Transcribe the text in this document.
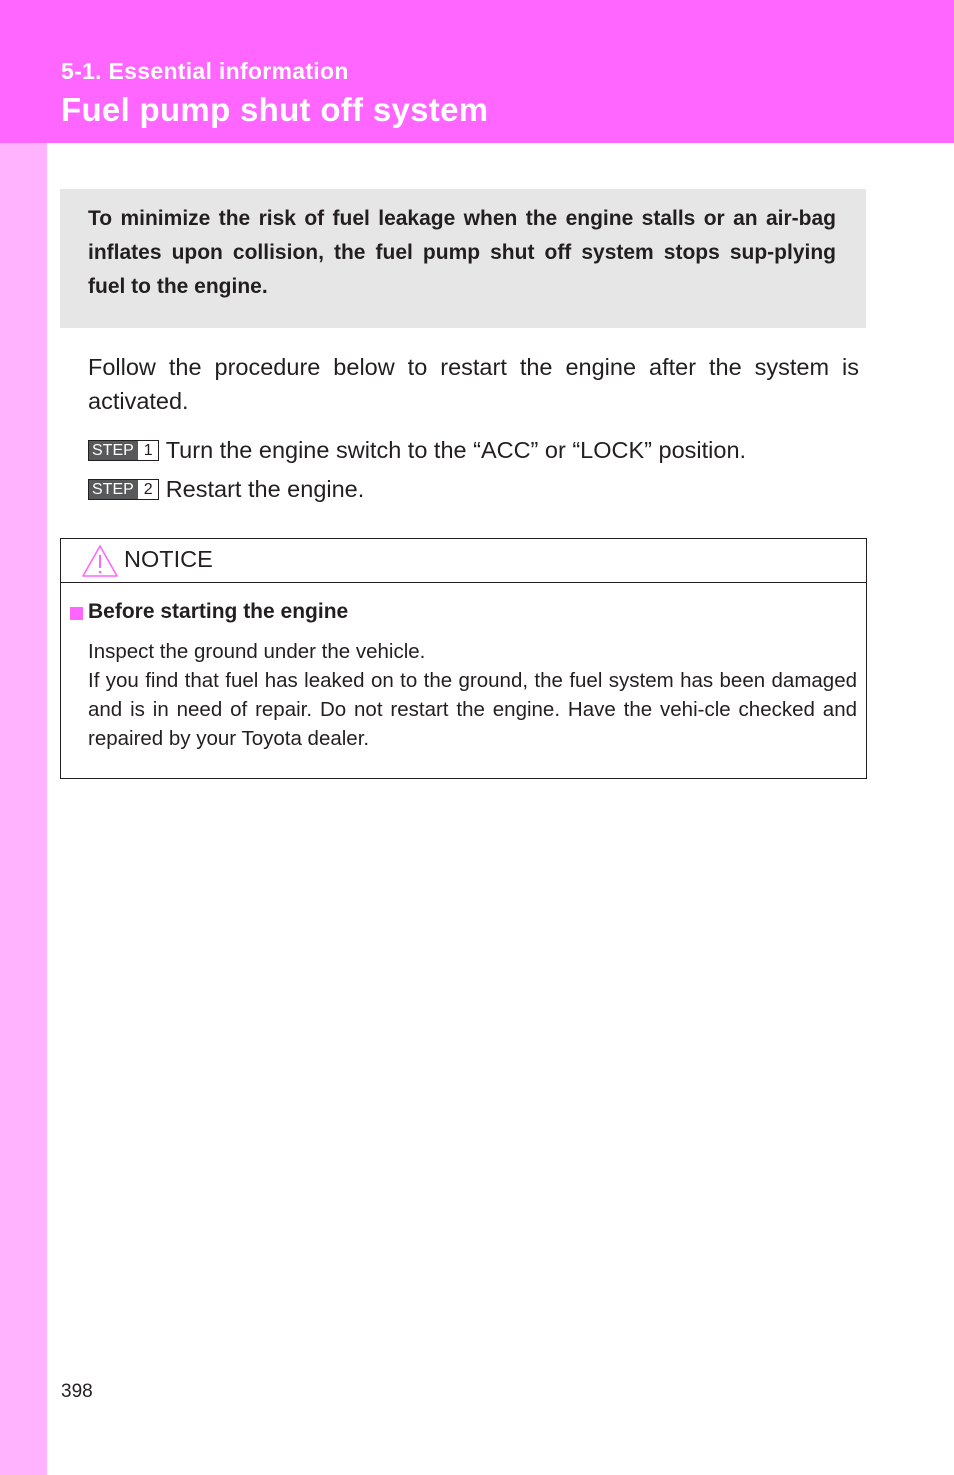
5-1. Essential information
Fuel pump shut off system
To minimize the risk of fuel leakage when the engine stalls or an air-bag inflates upon collision, the fuel pump shut off system stops sup-plying fuel to the engine.
Follow the procedure below to restart the engine after the system is activated.
STEP 1 Turn the engine switch to the “ACC” or “LOCK” position.
STEP 2 Restart the engine.
NOTICE
Before starting the engine

Inspect the ground under the vehicle.

If you find that fuel has leaked on to the ground, the fuel system has been damaged and is in need of repair. Do not restart the engine. Have the vehi-cle checked and repaired by your Toyota dealer.

398
